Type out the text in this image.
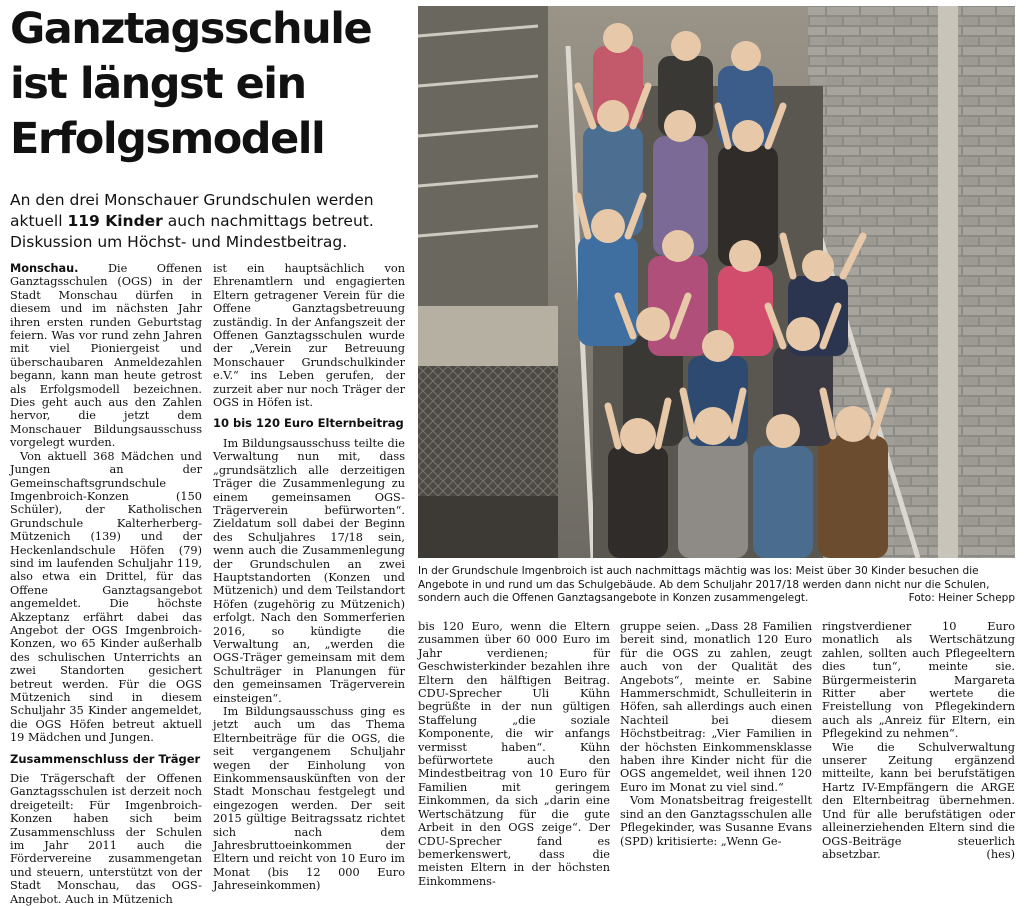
Ganztagsschule
ist längst ein
Erfolgsmodell
An den drei Monschauer Grundschulen werden
aktuell 119 Kinder auch nachmittags betreut.
Diskussion um Höchst- und Mindestbeitrag.

Monschau. Die Offenen Ganztagsschulen (OGS) in der Stadt Monschau dürfen in diesem und im nächsten Jahr ihren ersten runden Geburtstag feiern. Was vor rund zehn Jahren mit viel Pioniergeist und überschaubaren Anmeldezahlen begann, kann man heute getrost als Erfolgsmodell bezeichnen. Dies geht auch aus den Zahlen hervor, die jetzt dem Monschauer Bildungsausschuss vorgelegt wurden.

Von aktuell 368 Mädchen und Jungen an der Gemeinschaftsgrundschule Imgenbroich-Konzen (150 Schüler), der Katholischen Grundschule Kalterherberg-Mützenich (139) und der Heckenlandschule Höfen (79) sind im laufenden Schuljahr 119, also etwa ein Drittel, für das Offene Ganztagsangebot angemeldet. Die höchste Akzeptanz erfährt dabei das Angebot der OGS Imgenbroich-Konzen, wo 65 Kinder außerhalb des schulischen Unterrichts an zwei Standorten gesichert betreut werden. Für die OGS Mützenich sind in diesem Schuljahr 35 Kinder angemeldet, die OGS Höfen betreut aktuell 19 Mädchen und Jungen.

Zusammenschluss der Träger

Die Trägerschaft der Offenen Ganztagsschulen ist derzeit noch dreigeteilt: Für Imgenbroich-Konzen haben sich beim Zusammenschluss der Schulen im Jahr 2011 auch die Fördervereine zusammengetan und steuern, unterstützt von der Stadt Monschau, das OGS-Angebot. Auch in Mützenich

ist ein hauptsächlich von Ehrenamtlern und engagierten Eltern getragener Verein für die Offene Ganztagsbetreuung zuständig. In der Anfangszeit der Offenen Ganztagsschulen wurde der „Verein zur Betreuung Monschauer Grundschulkinder e.V.“ ins Leben gerufen, der zurzeit aber nur noch Träger der OGS in Höfen ist.

10 bis 120 Euro Elternbeitrag

Im Bildungsausschuss teilte die Verwaltung nun mit, dass „grundsätzlich alle derzeitigen Träger die Zusammenlegung zu einem gemeinsamen OGS-Trägerverein befürworten“. Zieldatum soll dabei der Beginn des Schuljahres 17/18 sein, wenn auch die Zusammenlegung der Grundschulen an zwei Hauptstandorten (Konzen und Mützenich) und dem Teilstandort Höfen (zugehörig zu Mützenich) erfolgt. Nach den Sommerferien 2016, so kündigte die Verwaltung an, „werden die OGS-Träger gemeinsam mit dem Schulträger in Planungen für den gemeinsamen Trägerverein einsteigen“.

Im Bildungsausschuss ging es jetzt auch um das Thema Elternbeiträge für die OGS, die seit vergangenem Schuljahr wegen der Einholung von Einkommensauskünften von der Stadt Monschau festgelegt und eingezogen werden. Der seit 2015 gültige Beitragssatz richtet sich nach dem Jahresbruttoeinkommen der Eltern und reicht von 10 Euro im Monat (bis 12 000 Euro Jahreseinkommen)

In der Grundschule Imgenbroich ist auch nachmittags mächtig was los: Meist über 30 Kinder besuchen die Angebote in und rund um das Schulgebäude. Ab dem Schuljahr 2017/18 werden dann nicht nur die Schulen, sondern auch die Offenen Ganztagsangebote in Konzen zusammengelegt.	Foto: Heiner Schepp

bis 120 Euro, wenn die Eltern zusammen über 60 000 Euro im Jahr verdienen; für Geschwisterkinder bezahlen ihre Eltern den hälftigen Beitrag. CDU-Sprecher Uli Kühn begrüßte in der nun gültigen Staffelung „die soziale Komponente, die wir anfangs vermisst haben“. Kühn befürwortete auch den Mindestbeitrag von 10 Euro für Familien mit geringem Einkommen, da sich „darin eine Wertschätzung für die gute Arbeit in den OGS zeige“. Der CDU-Sprecher fand es bemerkenswert, dass die meisten Eltern in der höchsten Einkommens-

gruppe seien. „Dass 28 Familien bereit sind, monatlich 120 Euro für die OGS zu zahlen, zeugt auch von der Qualität des Angebots“, meinte er. Sabine Hammerschmidt, Schulleiterin in Höfen, sah allerdings auch einen Nachteil bei diesem Höchstbeitrag: „Vier Familien in der höchsten Einkommensklasse haben ihre Kinder nicht für die OGS angemeldet, weil ihnen 120 Euro im Monat zu viel sind.“

Vom Monatsbeitrag freigestellt sind an den Ganztagsschulen alle Pflegekinder, was Susanne Evans (SPD) kritisierte: „Wenn Ge-

ringstverdiener 10 Euro monatlich als Wertschätzung zahlen, sollten auch Pflegeeltern dies tun“, meinte sie. Bürgermeisterin Margareta Ritter aber wertete die Freistellung von Pflegekindern auch als „Anreiz für Eltern, ein Pflegekind zu nehmen“.

Wie die Schulverwaltung unserer Zeitung ergänzend mitteilte, kann bei berufstätigen Hartz IV-Empfängern die ARGE den Elternbeitrag übernehmen. Und für alle berufstätigen oder alleinerziehenden Eltern sind die OGS-Beiträge steuerlich absetzbar.	(hes)
